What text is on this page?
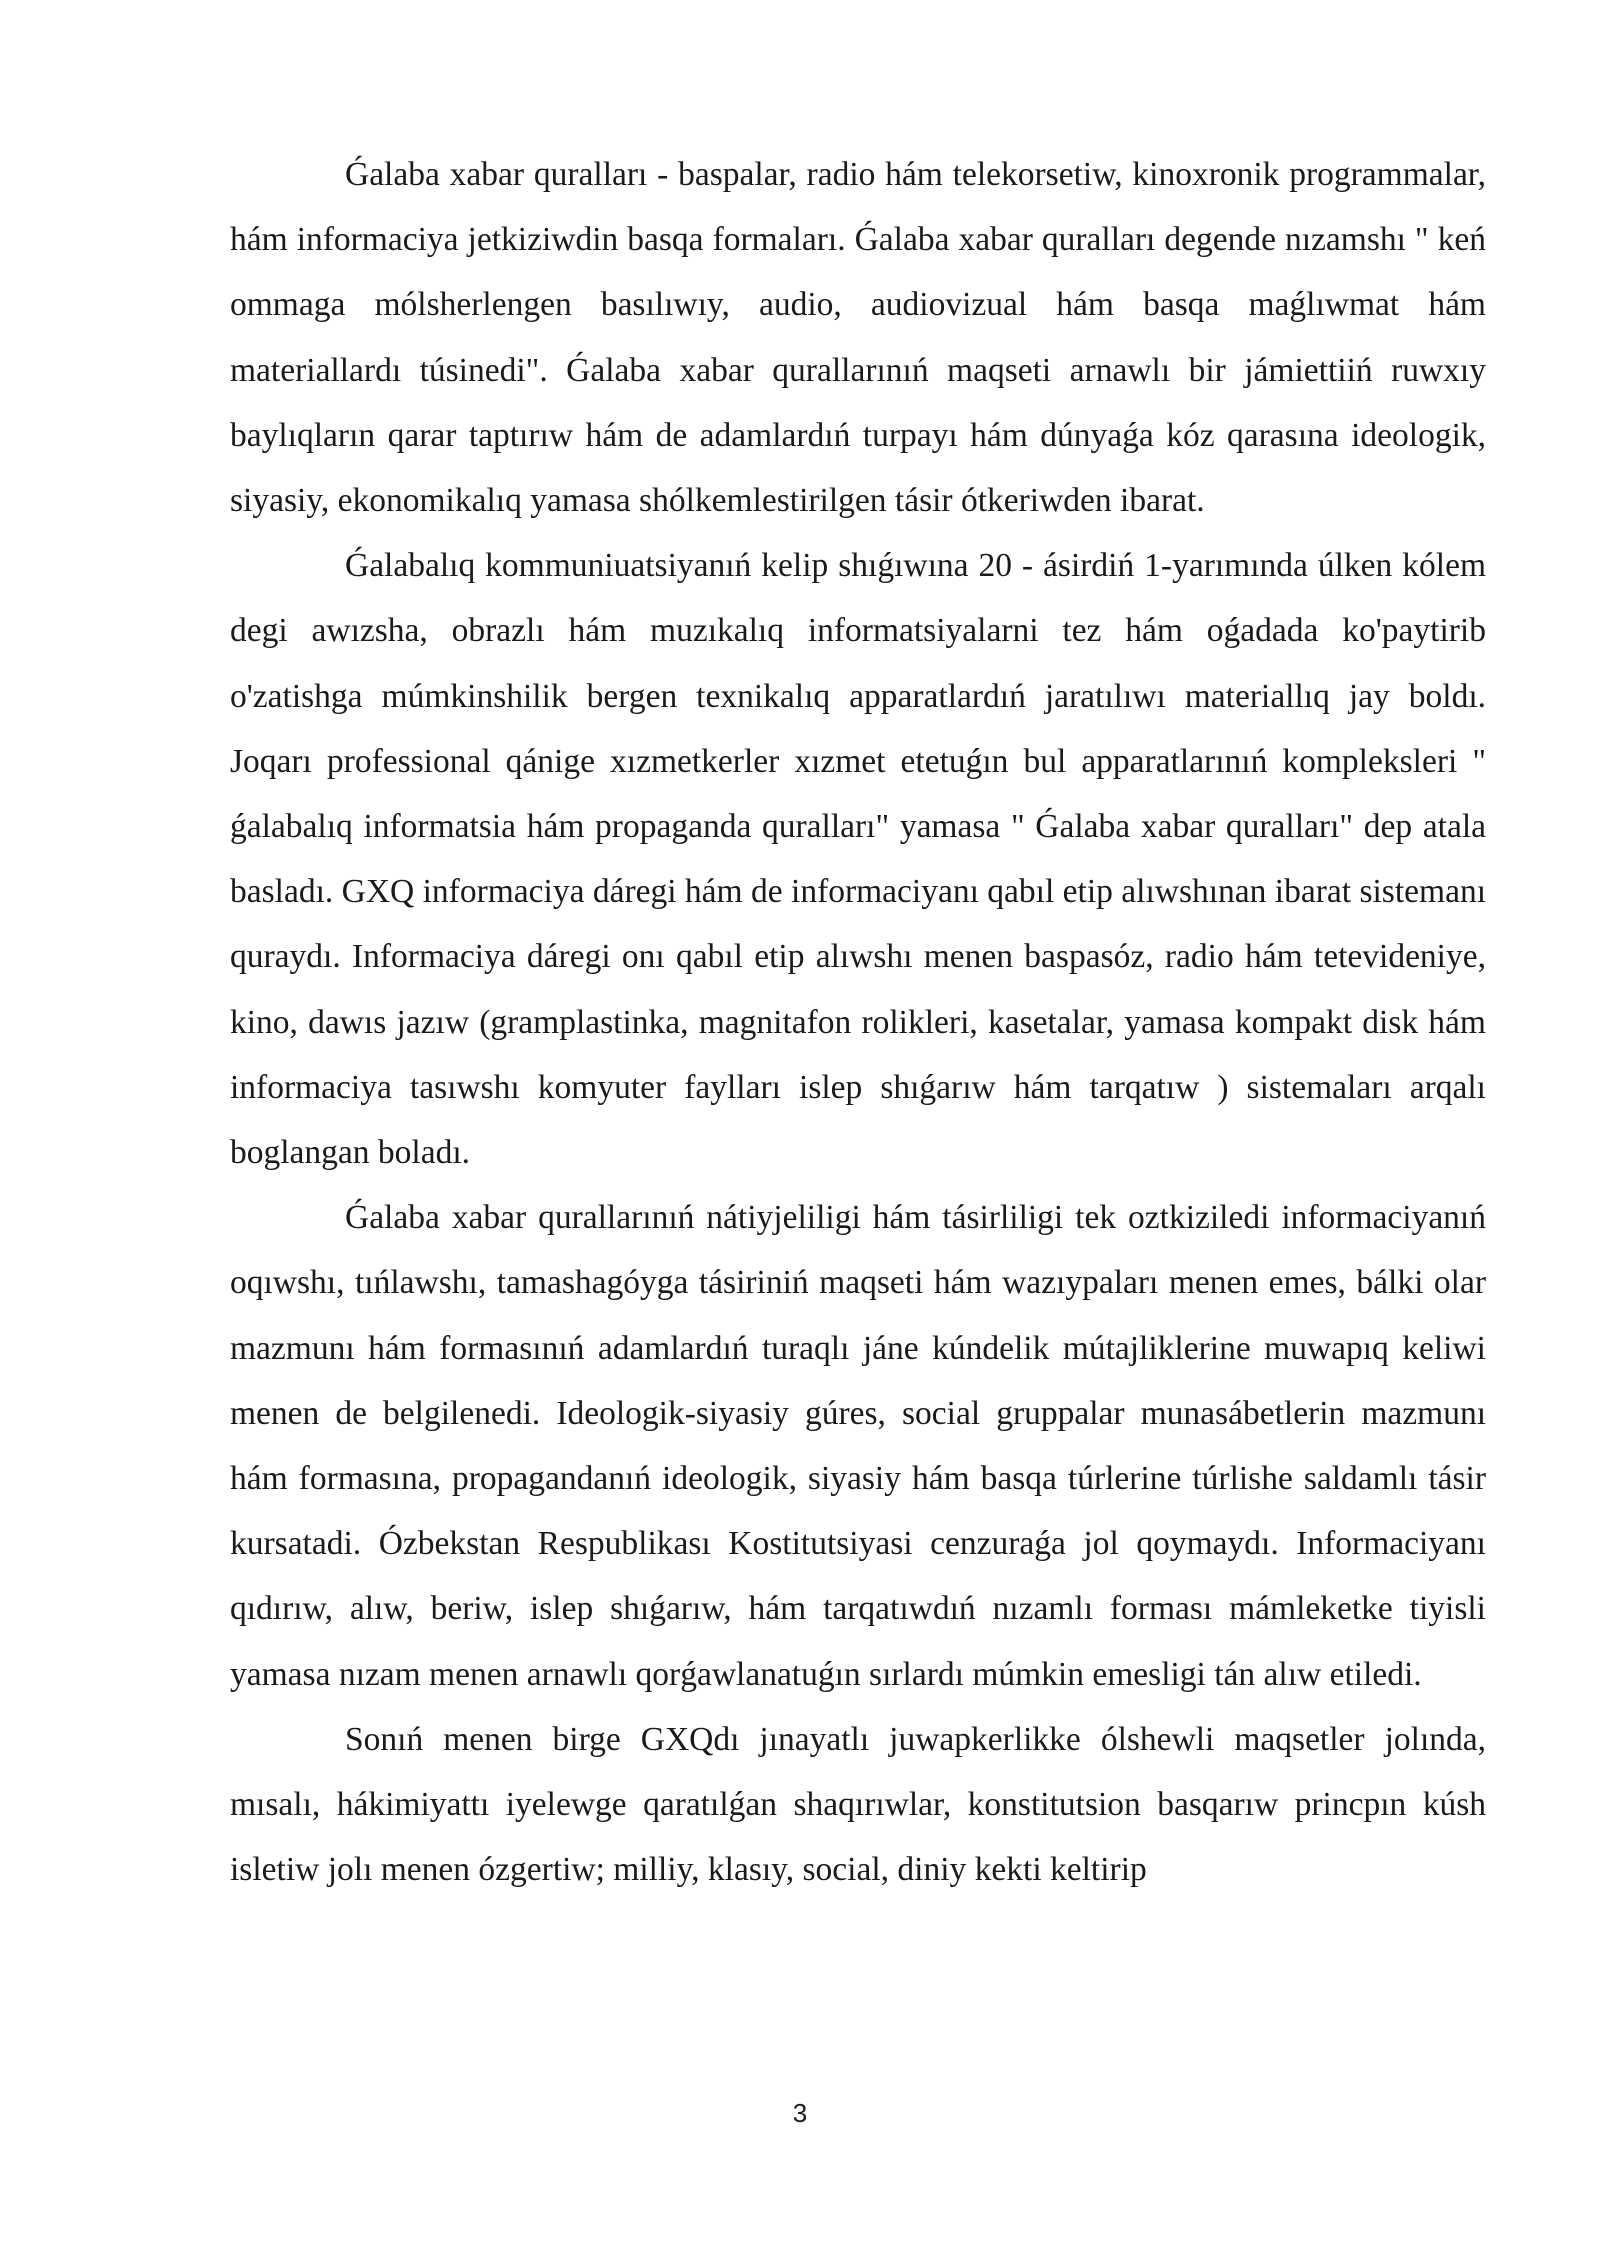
Ǵalaba xabar quralları - baspalar, radio hám telekorsetiw, kinoxronik programmalar, hám informaciya jetkiziwdin basqa formaları. Ǵalaba xabar quralları degende nızamshı " keń ommaga mólsherlengen basılıwıy, audio, audiovizual hám basqa maǵlıwmat hám materiallardı túsinedi". Ǵalaba xabar qurallarınıń maqseti arnawlı bir jámiettiiń ruwxıy baylıqların qarar taptırıw hám de adamlardıń turpayı hám dúnyaǵa kóz qarasına ideologik, siyasiy, ekonomikalıq yamasa shólkemlestirilgen tásir ótkeriwden ibarat.

Ǵalabalıq kommuniuatsiyanıń kelip shıǵıwına 20 - ásirdiń 1-yarımında úlken kólem degi awızsha, obrazlı hám muzıkalıq informatsiyalarni tez hám oǵadada ko'paytirib o'zatishga múmkinshilik bergen texnikalıq apparatlardıń jaratılıwı materiallıq jay boldı. Joqarı professional qánige xızmetkerler xızmet etetuǵın bul apparatlarınıń kompleksleri " ǵalabalıq informatsia hám propaganda quralları" yamasa " Ǵalaba xabar quralları" dep atala basladı. GXQ informaciya dáregi hám de informaciyanı qabıl etip alıwshınan ibarat sistemanı quraydı. Informaciya dáregi onı qabıl etip alıwshı menen baspasóz, radio hám tetevideniye, kino, dawıs jazıw (gramplastinka, magnitafon rolikleri, kasetalar, yamasa kompakt disk hám informaciya tasıwshı komyuter faylları islep shıǵarıw hám tarqatıw ) sistemaları arqalı boglangan boladı.

Ǵalaba xabar qurallarınıń nátiyjeliligi hám tásirliligi tek oztkiziledi informaciyanıń oqıwshı, tıńlawshı, tamashagóyga tásiriniń maqseti hám wazıypaları menen emes, bálki olar mazmunı hám formasınıń adamlardıń turaqlı jáne kúndelik mútajliklerine muwapıq keliwi menen de belgilenedi. Ideologik-siyasiy gúres, social gruppalar munasábetlerin mazmunı hám formasına, propagandanıń ideologik, siyasiy hám basqa túrlerine túrlishe saldamlı tásir kursatadi. Ózbekstan Respublikası Kostitutsiyasi cenzuraǵa jol qoymaydı. Informaciyanı qıdırıw, alıw, beriw, islep shıǵarıw, hám tarqatıwdıń nızamlı forması mámleketke tiyisli yamasa nızam menen arnawlı qorǵawlanatuǵın sırlardı múmkin emesligi tán alıw etiledi.

Sonıń menen birge GXQdı jınayatlı juwapkerlikke ólshewli maqsetler jolında, mısalı, hákimiyattı iyelewge qaratılǵan shaqırıwlar, konstitutsion basqarıw princpın kúsh isletiw jolı menen ózgertiw; milliy, klasıy, social, diniy kekti keltirip

3
